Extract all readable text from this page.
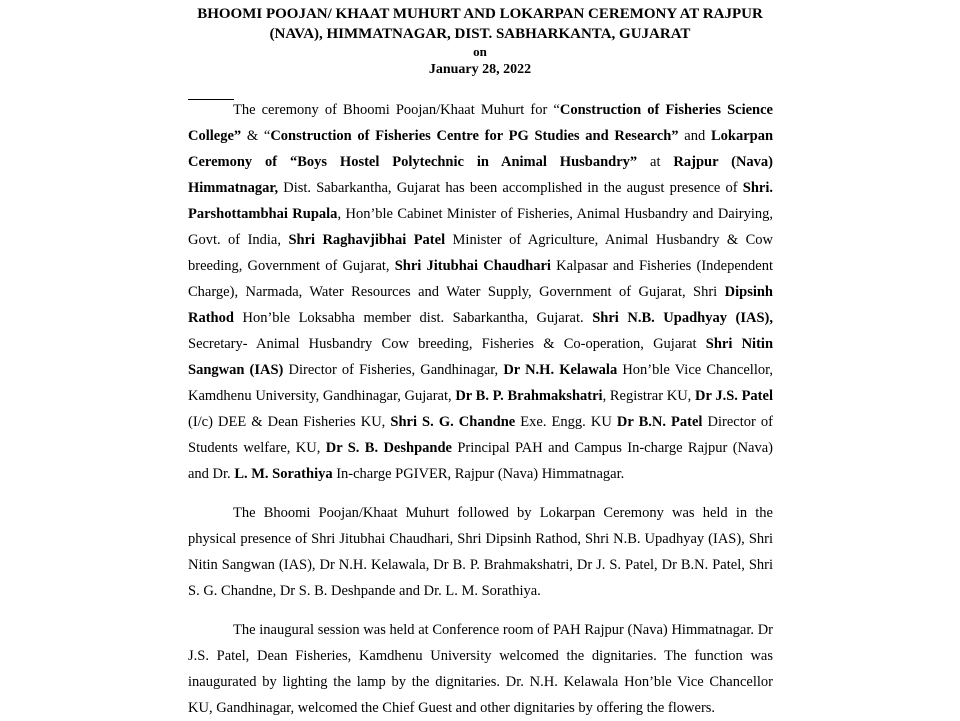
BHOOMI POOJAN/ KHAAT MUHURT AND LOKARPAN CEREMONY AT RAJPUR
(NAVA), HIMMATNAGAR, DIST. SABHARKANTA, GUJARAT
on
January 28, 2022

The ceremony of Bhoomi Poojan/Khaat Muhurt for “Construction of Fisheries Science College” & “Construction of Fisheries Centre for PG Studies and Research” and Lokarpan Ceremony of “Boys Hostel Polytechnic in Animal Husbandry” at Rajpur (Nava) Himmatnagar, Dist. Sabarkantha, Gujarat has been accomplished in the august presence of Shri. Parshottambhai Rupala, Hon’ble Cabinet Minister of Fisheries, Animal Husbandry and Dairying, Govt. of India, Shri Raghavjibhai Patel Minister of Agriculture, Animal Husbandry & Cow breeding, Government of Gujarat, Shri Jitubhai Chaudhari Kalpasar and Fisheries (Independent Charge), Narmada, Water Resources and Water Supply, Government of Gujarat, Shri Dipsinh Rathod Hon’ble Loksabha member dist. Sabarkantha, Gujarat. Shri N.B. Upadhyay (IAS), Secretary- Animal Husbandry Cow breeding, Fisheries & Co-operation, Gujarat Shri Nitin Sangwan (IAS) Director of Fisheries, Gandhinagar, Dr N.H. Kelawala Hon’ble Vice Chancellor, Kamdhenu University, Gandhinagar, Gujarat, Dr B. P. Brahmakshatri, Registrar KU, Dr J.S. Patel (I/c) DEE & Dean Fisheries KU, Shri S. G. Chandne Exe. Engg. KU Dr B.N. Patel Director of Students welfare, KU, Dr S. B. Deshpande Principal PAH and Campus In-charge Rajpur (Nava) and Dr. L. M. Sorathiya In-charge PGIVER, Rajpur (Nava) Himmatnagar.

The Bhoomi Poojan/Khaat Muhurt followed by Lokarpan Ceremony was held in the physical presence of Shri Jitubhai Chaudhari, Shri Dipsinh Rathod, Shri N.B. Upadhyay (IAS), Shri Nitin Sangwan (IAS), Dr N.H. Kelawala, Dr B. P. Brahmakshatri, Dr J. S. Patel, Dr B.N. Patel, Shri S. G. Chandne, Dr S. B. Deshpande and Dr. L. M. Sorathiya.

The inaugural session was held at Conference room of PAH Rajpur (Nava) Himmatnagar. Dr J.S. Patel, Dean Fisheries, Kamdhenu University welcomed the dignitaries. The function was inaugurated by lighting the lamp by the dignitaries. Dr. N.H. Kelawala Hon’ble Vice Chancellor KU, Gandhinagar, welcomed the Chief Guest and other dignitaries by offering the flowers.
